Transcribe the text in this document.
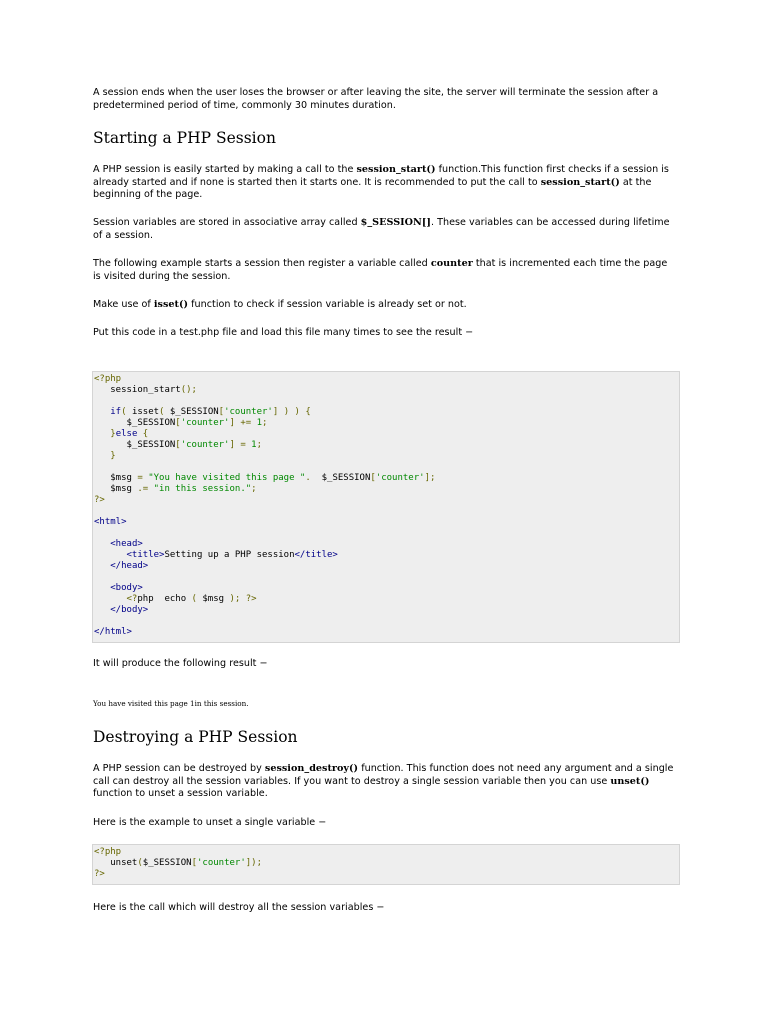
A session ends when the user loses the browser or after leaving the site, the server will terminate the session after a predetermined period of time, commonly 30 minutes duration.

Starting a PHP Session

A PHP session is easily started by making a call to the session_start() function.This function first checks if a session is already started and if none is started then it starts one. It is recommended to put the call to session_start() at the beginning of the page.

Session variables are stored in associative array called $_SESSION[]. These variables can be accessed during lifetime of a session.

The following example starts a session then register a variable called counter that is incremented each time the page is visited during the session.

Make use of isset() function to check if session variable is already set or not.

Put this code in a test.php file and load this file many times to see the result −

<?php
session_start();
if( isset( $_SESSION['counter'] ) ) {
$_SESSION['counter'] += 1;
}else {
$_SESSION['counter'] = 1;
}
$msg = "You have visited this page ".  $_SESSION['counter'];
$msg .= "in this session.";
?>
<html>
<head>
<title>Setting up a PHP session</title>
</head>
<body>
<?php  echo ( $msg ); ?>
</body>
</html>

It will produce the following result −

You have visited this page 1in this session.

Destroying a PHP Session

A PHP session can be destroyed by session_destroy() function. This function does not need any argument and a single call can destroy all the session variables. If you want to destroy a single session variable then you can use unset() function to unset a session variable.

Here is the example to unset a single variable −

<?php
unset($_SESSION['counter']);
?>

Here is the call which will destroy all the session variables −
